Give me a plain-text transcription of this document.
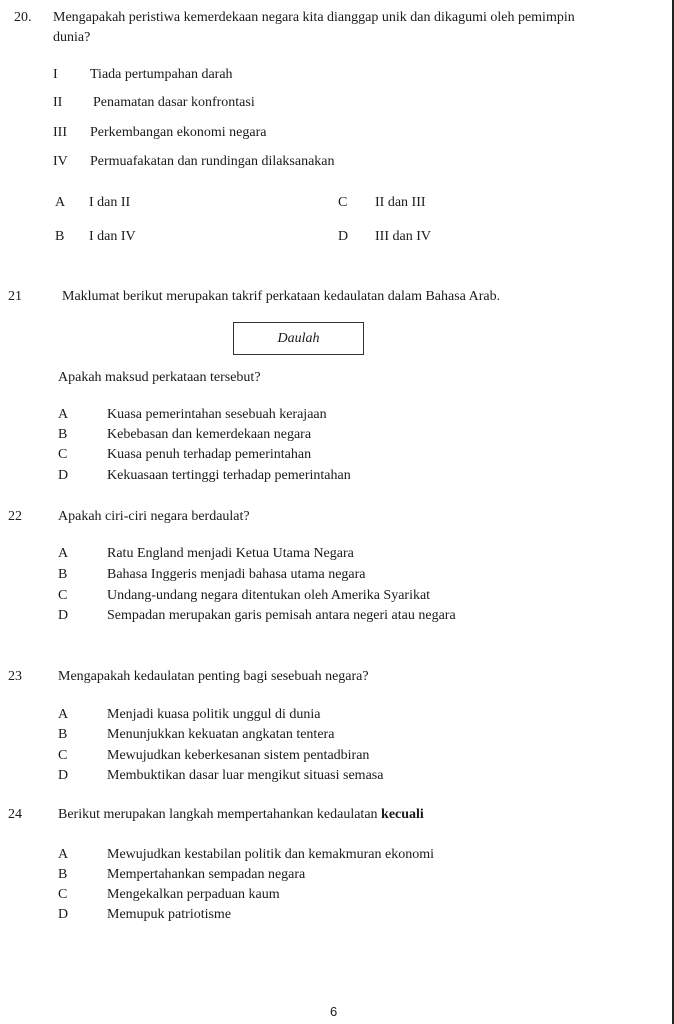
20. Mengapakah peristiwa kemerdekaan negara kita dianggap unik dan dikagumi oleh pemimpin
dunia?
I Tiada pertumpahan darah
II Penamatan dasar konfrontasi
III Perkembangan ekonomi negara
IV Permuafakatan dan rundingan dilaksanakan
A I dan II
B I dan IV
C II dan III
D III dan IV
21	Maklumat berikut merupakan takrif perkataan kedaulatan dalam Bahasa Arab.
Daulah
Apakah maksud perkataan tersebut?
A	Kuasa pemerintahan sesebuah kerajaan
B	Kebebasan dan kemerdekaan negara
C	Kuasa penuh terhadap pemerintahan
D	Kekuasaan tertinggi terhadap pemerintahan
22	Apakah ciri-ciri negara berdaulat?
A	Ratu England menjadi Ketua Utama Negara
B	Bahasa Inggeris menjadi bahasa utama negara
C	Undang-undang negara ditentukan oleh Amerika Syarikat
D	Sempadan merupakan garis pemisah antara negeri atau negara
23	Mengapakah kedaulatan penting bagi sesebuah negara?
A	Menjadi kuasa politik unggul di dunia
B	Menunjukkan kekuatan angkatan tentera
C	Mewujudkan keberkesanan sistem pentadbiran
D	Membuktikan dasar luar mengikut situasi semasa
24	Berikut merupakan langkah mempertahankan kedaulatan kecuali
A	Mewujudkan kestabilan politik dan kemakmuran ekonomi
B	Mempertahankan sempadan negara
C	Mengekalkan perpaduan kaum
D	Memupuk patriotisme
6
